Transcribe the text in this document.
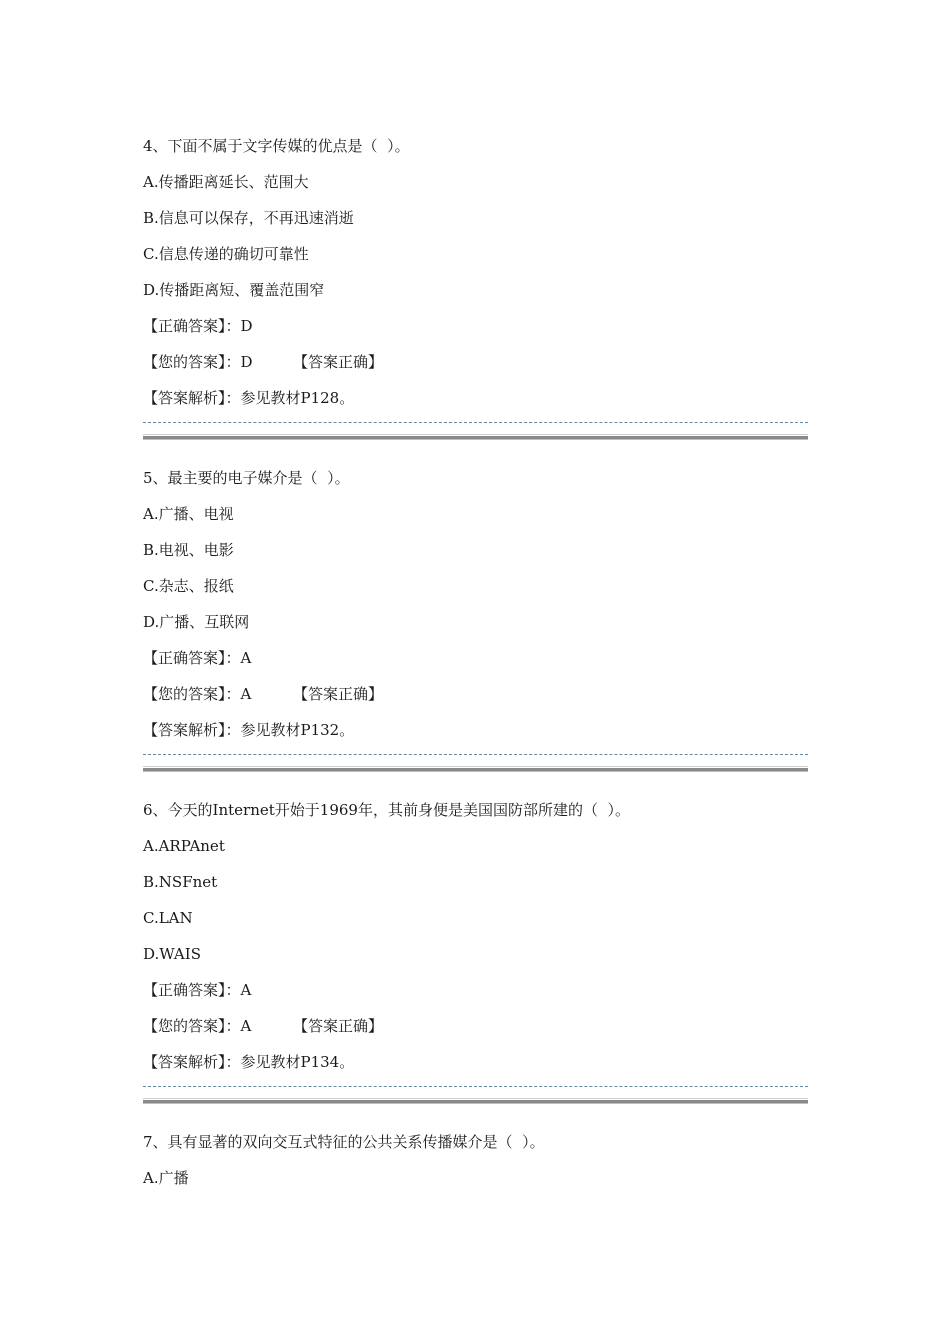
4、下面不属于文字传媒的优点是（  ）。
A.传播距离延长、范围大
B.信息可以保存，不再迅速消逝
C.信息传递的确切可靠性
D.传播距离短、覆盖范围窄
【正确答案】：D
【您的答案】：D	【答案正确】
【答案解析】：参见教材P128。
5、最主要的电子媒介是（  ）。
A.广播、电视
B.电视、电影
C.杂志、报纸
D.广播、互联网
【正确答案】：A
【您的答案】：A	【答案正确】
【答案解析】：参见教材P132。
6、今天的Internet开始于1969年，其前身便是美国国防部所建的（  ）。
A.ARPAnet
B.NSFnet
C.LAN
D.WAIS
【正确答案】：A
【您的答案】：A	【答案正确】
【答案解析】：参见教材P134。
7、具有显著的双向交互式特征的公共关系传播媒介是（  ）。
A.广播
